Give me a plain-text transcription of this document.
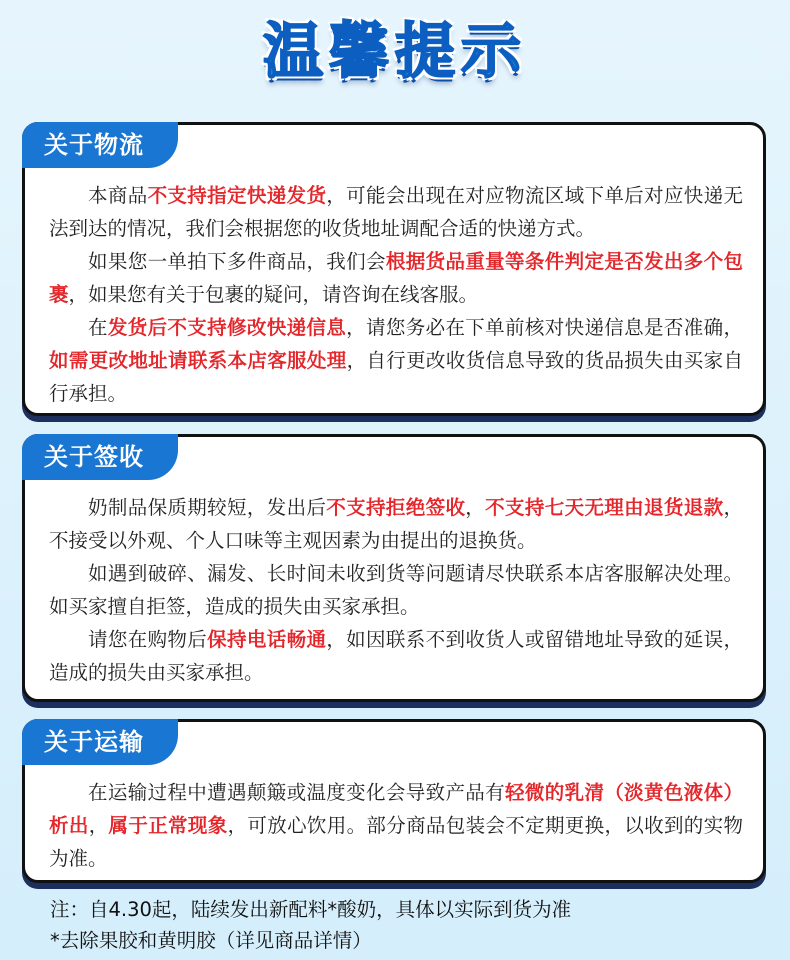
温馨提示
关于物流

本商品不支持指定快递发货，可能会出现在对应物流区域下单后对应快递无法到达的情况，我们会根据您的收货地址调配合适的快递方式。

如果您一单拍下多件商品，我们会根据货品重量等条件判定是否发出多个包裹，如果您有关于包裹的疑问，请咨询在线客服。

在发货后不支持修改快递信息，请您务必在下单前核对快递信息是否准确，如需更改地址请联系本店客服处理，自行更改收货信息导致的货品损失由买家自行承担。

关于签收

奶制品保质期较短，发出后不支持拒绝签收，不支持七天无理由退货退款，不接受以外观、个人口味等主观因素为由提出的退换货。

如遇到破碎、漏发、长时间未收到货等问题请尽快联系本店客服解决处理。如买家擅自拒签，造成的损失由买家承担。

请您在购物后保持电话畅通，如因联系不到收货人或留错地址导致的延误，造成的损失由买家承担。

关于运输

在运输过程中遭遇颠簸或温度变化会导致产品有轻微的乳清（淡黄色液体）析出，属于正常现象，可放心饮用。部分商品包装会不定期更换，以收到的实物为准。

注：自4.30起，陆续发出新配料*酸奶，具体以实际到货为准
*去除果胶和黄明胶（详见商品详情）
